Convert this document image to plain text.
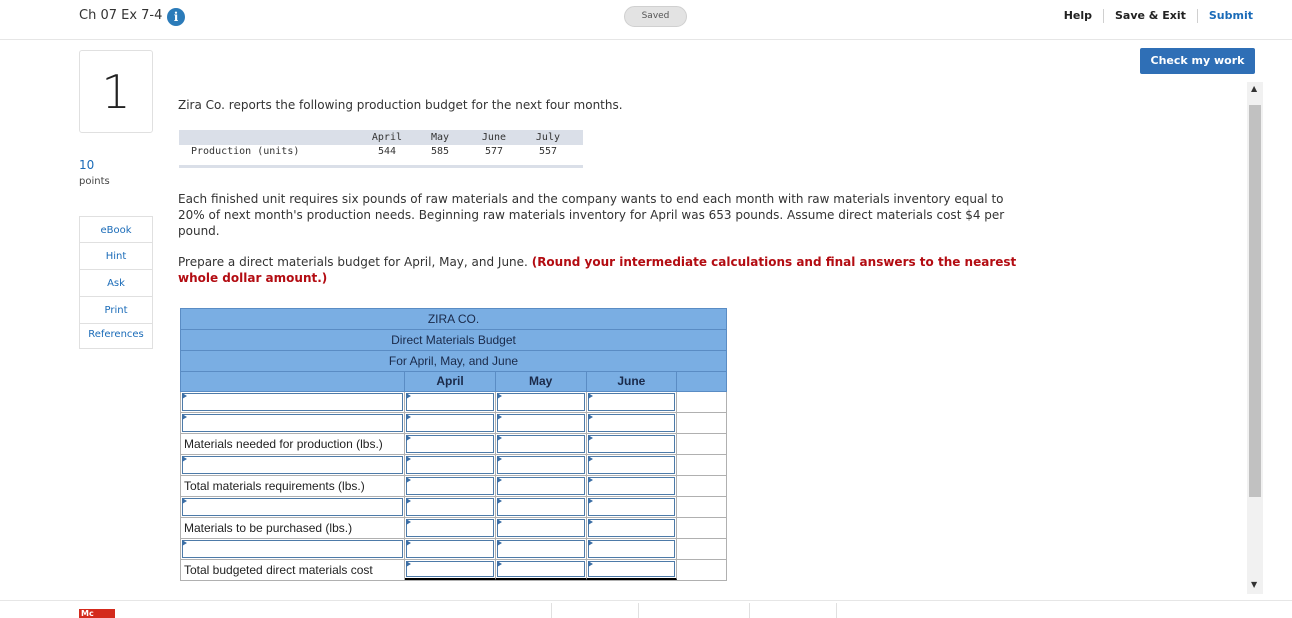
Ch 07 Ex 7-4 i	Saved	Help	Save & Exit	Submit
1
10
points
eBook
Hint
Ask
Print
References
Check my work
▲
▼
Zira Co. reports the following production budget for the next four months.
April	May	June	July
Production (units)	544	585	577	557
Each finished unit requires six pounds of raw materials and the company wants to end each month with raw materials inventory equal to 20% of next month's production needs. Beginning raw materials inventory for April was 653 pounds. Assume direct materials cost $4 per pound.
Prepare a direct materials budget for April, May, and June. (Round your intermediate calculations and final answers to the nearest whole dollar amount.)
ZIRA CO.
Direct Materials Budget
For April, May, and June
April	May	June
Materials needed for production (lbs.)
Total materials requirements (lbs.)
Materials to be purchased (lbs.)
Total budgeted direct materials cost
Mc
